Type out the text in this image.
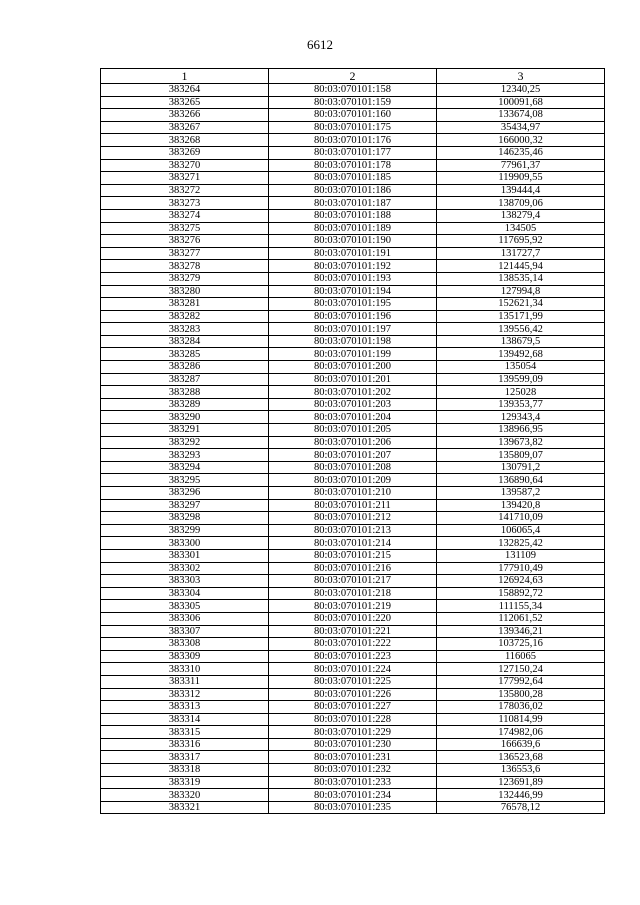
6612
1	2	3
383264	80:03:070101:158	12340,25
383265	80:03:070101:159	100091,68
383266	80:03:070101:160	133674,08
383267	80:03:070101:175	35434,97
383268	80:03:070101:176	166000,32
383269	80:03:070101:177	146235,46
383270	80:03:070101:178	77961,37
383271	80:03:070101:185	119909,55
383272	80:03:070101:186	139444,4
383273	80:03:070101:187	138709,06
383274	80:03:070101:188	138279,4
383275	80:03:070101:189	134505
383276	80:03:070101:190	117695,92
383277	80:03:070101:191	131727,7
383278	80:03:070101:192	121445,94
383279	80:03:070101:193	138535,14
383280	80:03:070101:194	127994,8
383281	80:03:070101:195	152621,34
383282	80:03:070101:196	135171,99
383283	80:03:070101:197	139556,42
383284	80:03:070101:198	138679,5
383285	80:03:070101:199	139492,68
383286	80:03:070101:200	135054
383287	80:03:070101:201	139599,09
383288	80:03:070101:202	125028
383289	80:03:070101:203	139353,77
383290	80:03:070101:204	129343,4
383291	80:03:070101:205	138966,95
383292	80:03:070101:206	139673,82
383293	80:03:070101:207	135809,07
383294	80:03:070101:208	130791,2
383295	80:03:070101:209	136890,64
383296	80:03:070101:210	139587,2
383297	80:03:070101:211	139420,8
383298	80:03:070101:212	141710,09
383299	80:03:070101:213	106065,4
383300	80:03:070101:214	132825,42
383301	80:03:070101:215	131109
383302	80:03:070101:216	177910,49
383303	80:03:070101:217	126924,63
383304	80:03:070101:218	158892,72
383305	80:03:070101:219	111155,34
383306	80:03:070101:220	112061,52
383307	80:03:070101:221	139346,21
383308	80:03:070101:222	103725,16
383309	80:03:070101:223	116065
383310	80:03:070101:224	127150,24
383311	80:03:070101:225	177992,64
383312	80:03:070101:226	135800,28
383313	80:03:070101:227	178036,02
383314	80:03:070101:228	110814,99
383315	80:03:070101:229	174982,06
383316	80:03:070101:230	166639,6
383317	80:03:070101:231	136523,68
383318	80:03:070101:232	136553,6
383319	80:03:070101:233	123691,89
383320	80:03:070101:234	132446,99
383321	80:03:070101:235	76578,12
